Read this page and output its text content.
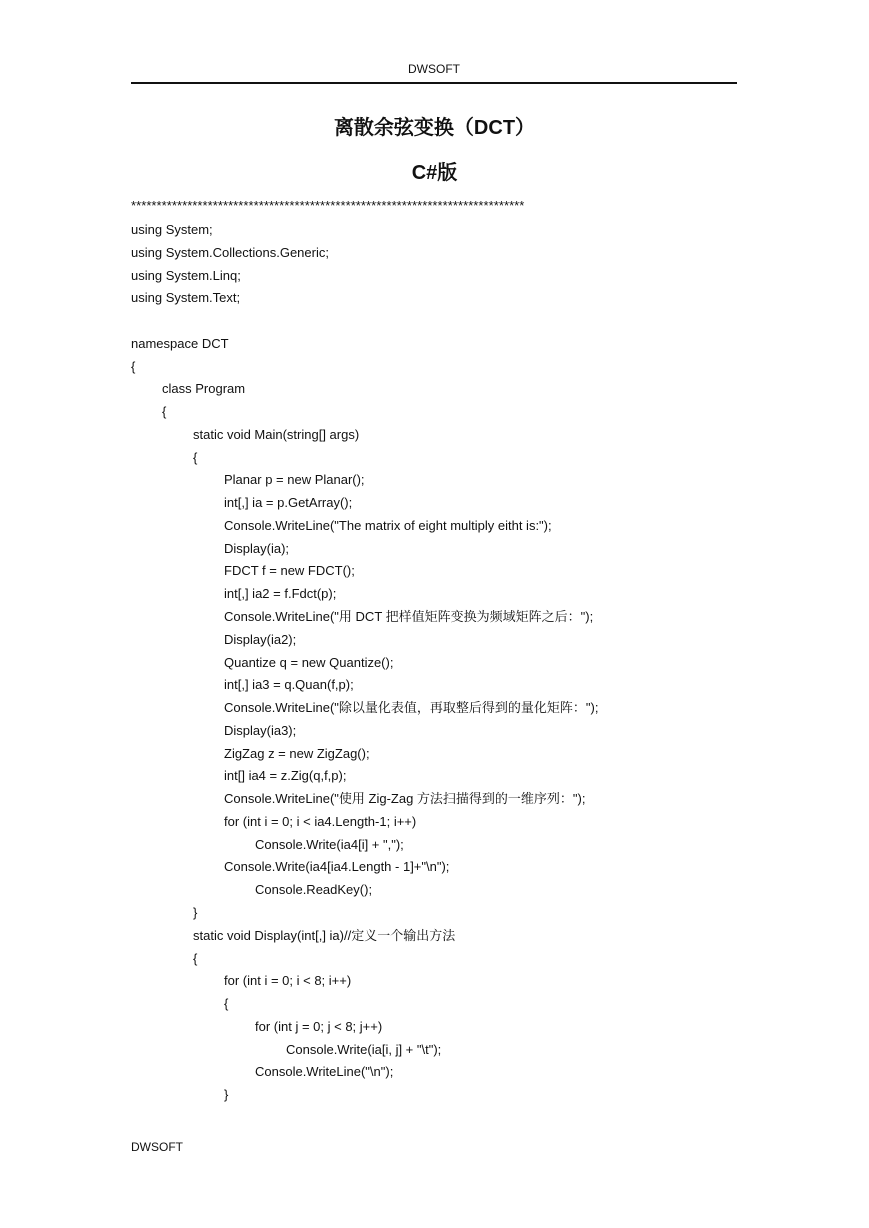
DWSOFT
离散余弦变换（DCT）
C#版
*****************************************************************************
using System;
using System.Collections.Generic;
using System.Linq;
using System.Text;
namespace DCT
{
class Program
{
static void Main(string[] args)
{
Planar p = new Planar();
int[,] ia = p.GetArray();
Console.WriteLine("The matrix of eight multiply eitht is:");
Display(ia);
FDCT f = new FDCT();
int[,] ia2 = f.Fdct(p);
Console.WriteLine("用 DCT 把样值矩阵变换为频域矩阵之后：");
Display(ia2);
Quantize q = new Quantize();
int[,] ia3 = q.Quan(f,p);
Console.WriteLine("除以量化表值，再取整后得到的量化矩阵：");
Display(ia3);
ZigZag z = new ZigZag();
int[] ia4 = z.Zig(q,f,p);
Console.WriteLine("使用 Zig-Zag 方法扫描得到的一维序列：");
for (int i = 0; i < ia4.Length-1; i++)
Console.Write(ia4[i] + ",");
Console.Write(ia4[ia4.Length - 1]+"\n");
Console.ReadKey();
}
static void Display(int[,] ia)//定义一个输出方法
{
for (int i = 0; i < 8; i++)
{
for (int j = 0; j < 8; j++)
Console.Write(ia[i, j] + "\t");
Console.WriteLine("\n");
}
DWSOFT
